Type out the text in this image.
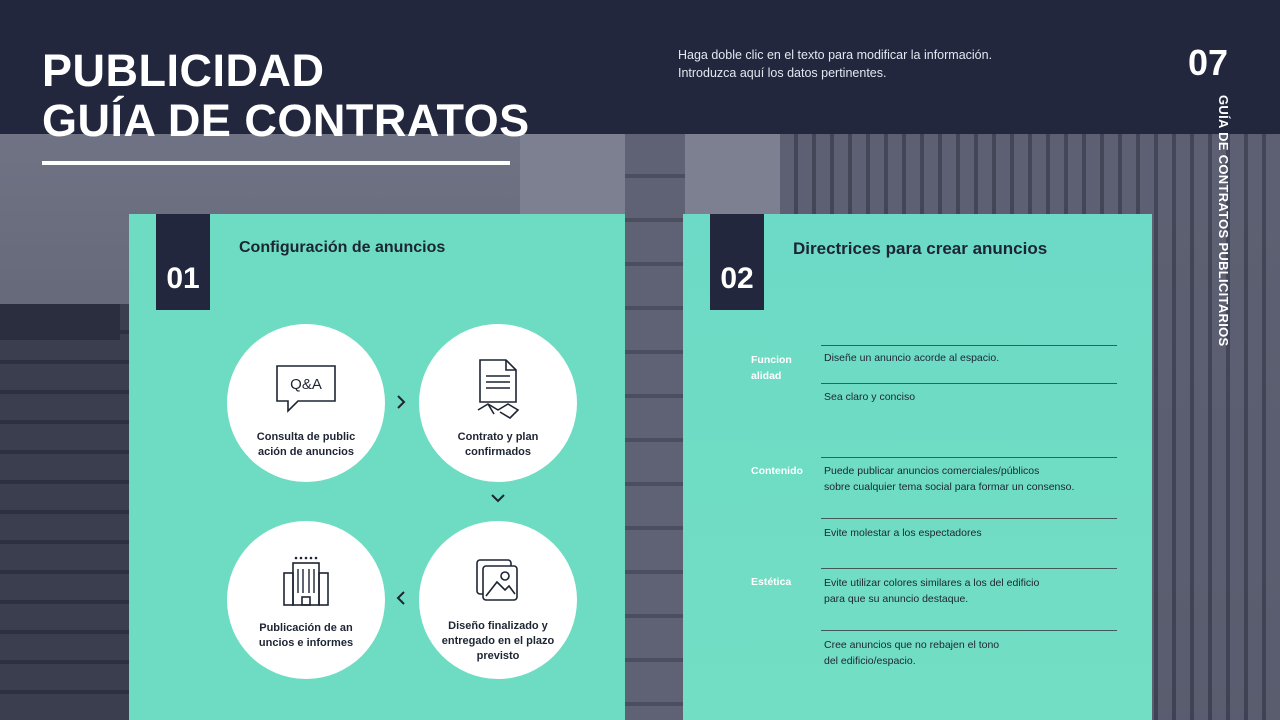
PUBLICIDAD
GUÍA DE CONTRATOS
Haga doble clic en el texto para modificar la información.
Introduzca aquí los datos pertinentes.	07
GUÍA DE CONTRATOS PUBLICITARIOS
01
Configuración de anuncios
Q&A
Consulta de public
ación de anuncios
Contrato y plan
confirmados
Publicación de an
uncios e informes
Diseño finalizado y
entregado en el plazo
previsto
02
Directrices para crear anuncios
Funcion
alidad
Diseñe un anuncio acorde al espacio.
Sea claro y conciso
Contenido Puede publicar anuncios comerciales/públicos
sobre cualquier tema social para formar un consenso.
Evite molestar a los espectadores
Estética	Evite utilizar colores similares a los del edificio
para que su anuncio destaque.
Cree anuncios que no rebajen el tono
del edificio/espacio.
